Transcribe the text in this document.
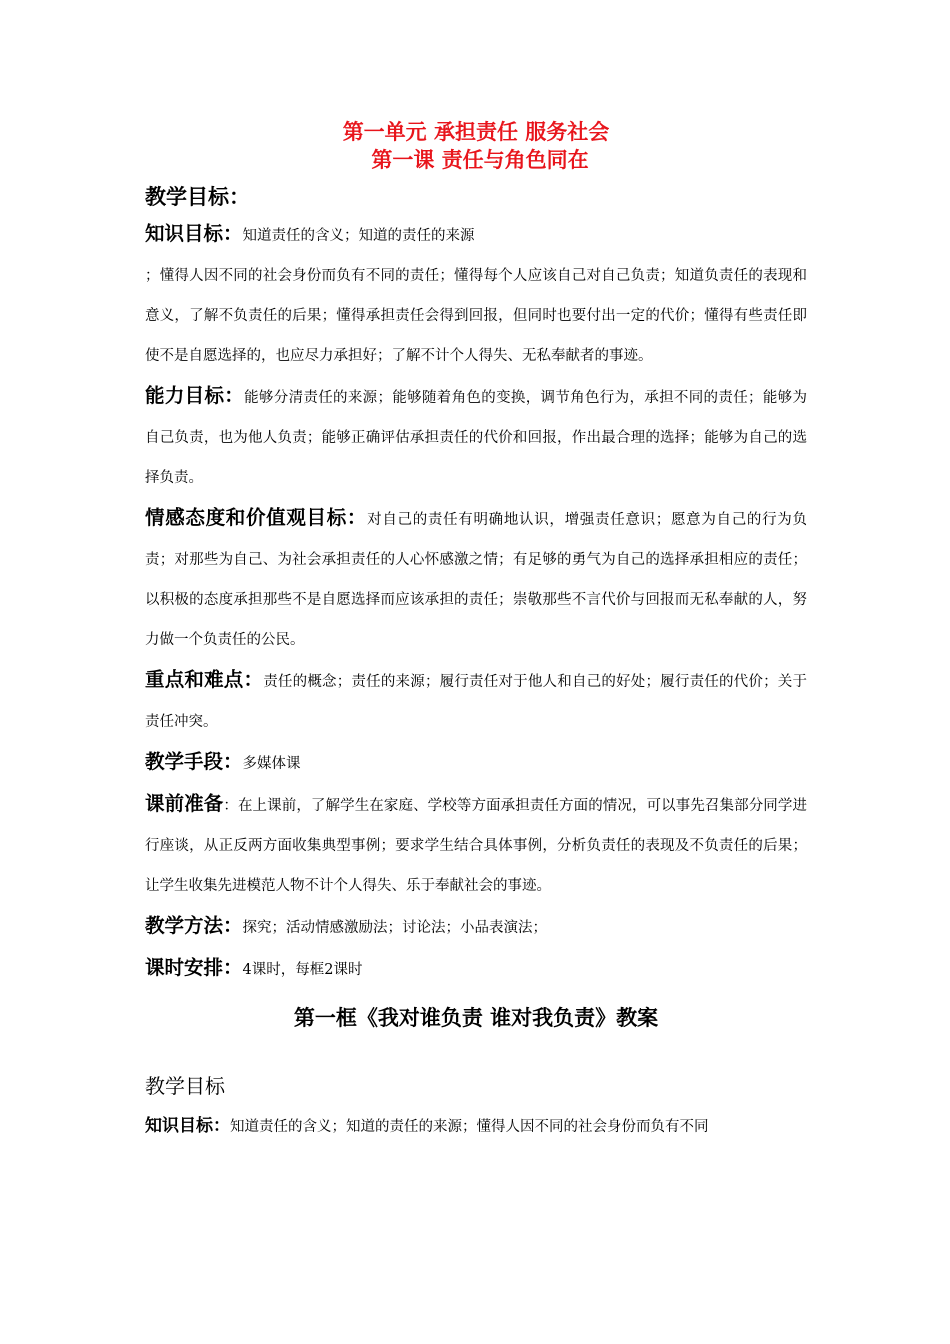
第一单元 承担责任 服务社会

第一课 责任与角色同在

教学目标：

知识目标：知道责任的含义；知道的责任的来源

；懂得人因不同的社会身份而负有不同的责任；懂得每个人应该自己对自己负责；知道负责任的表现和意义，了解不负责任的后果；懂得承担责任会得到回报，但同时也要付出一定的代价；懂得有些责任即使不是自愿选择的，也应尽力承担好；了解不计个人得失、无私奉献者的事迹。

能力目标：能够分清责任的来源；能够随着角色的变换，调节角色行为，承担不同的责任；能够为自己负责，也为他人负责；能够正确评估承担责任的代价和回报，作出最合理的选择；能够为自己的选择负责。

情感态度和价值观目标：对自己的责任有明确地认识，增强责任意识；愿意为自己的行为负责；对那些为自己、为社会承担责任的人心怀感激之情；有足够的勇气为自己的选择承担相应的责任；以积极的态度承担那些不是自愿选择而应该承担的责任；崇敬那些不言代价与回报而无私奉献的人，努力做一个负责任的公民。

重点和难点：责任的概念；责任的来源；履行责任对于他人和自己的好处；履行责任的代价；关于责任冲突。

教学手段：多媒体课

课前准备：在上课前，了解学生在家庭、学校等方面承担责任方面的情况，可以事先召集部分同学进行座谈，从正反两方面收集典型事例；要求学生结合具体事例，分析负责任的表现及不负责任的后果；让学生收集先进模范人物不计个人得失、乐于奉献社会的事迹。

教学方法：探究；活动情感激励法；讨论法；小品表演法；

课时安排：4课时，每框2课时

第一框《我对谁负责 谁对我负责》教案

教学目标

知识目标：知道责任的含义；知道的责任的来源；懂得人因不同的社会身份而负有不同
